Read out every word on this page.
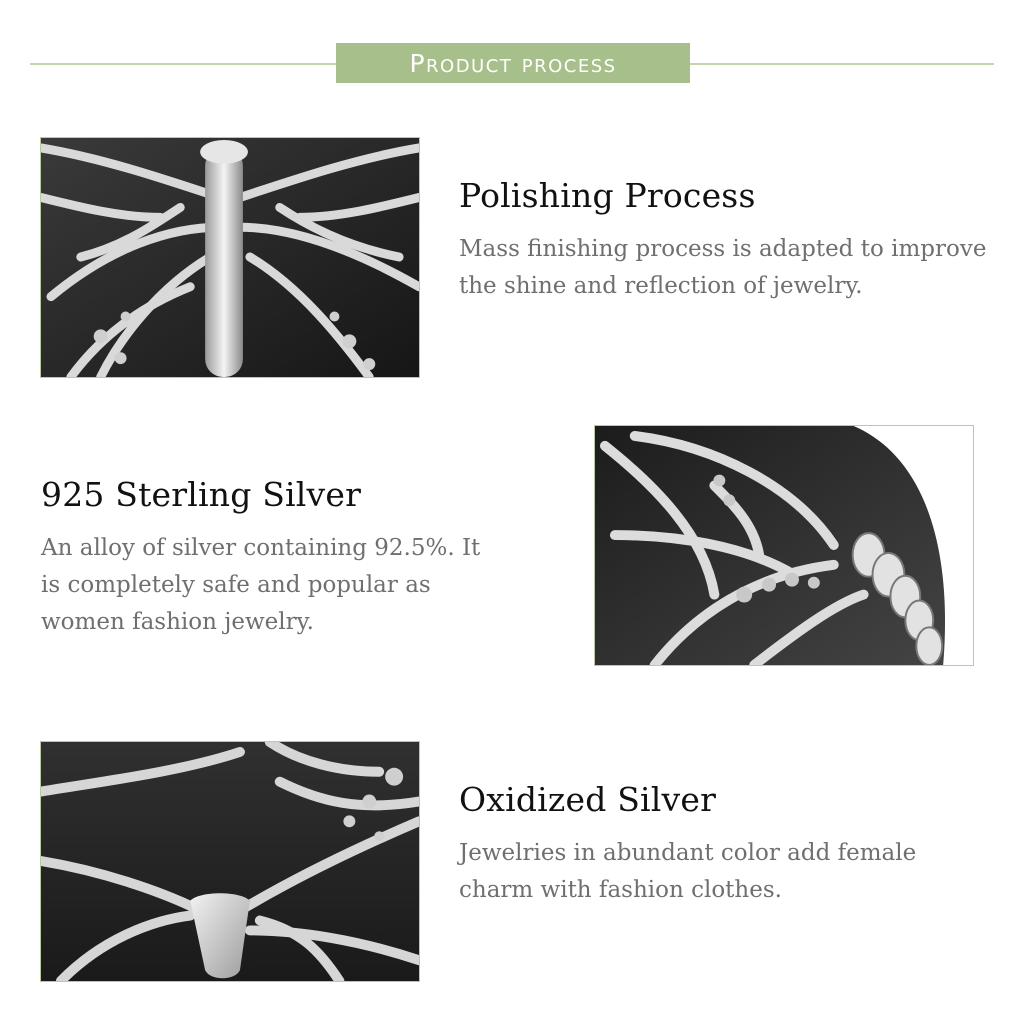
Product process
Polishing Process

Mass finishing process is adapted to improve
the shine and reflection of jewelry.

925 Sterling Silver

An alloy of silver containing 92.5%. It
is completely safe and popular as
women fashion jewelry.

Oxidized Silver

Jewelries in abundant color add female
charm with fashion clothes.
